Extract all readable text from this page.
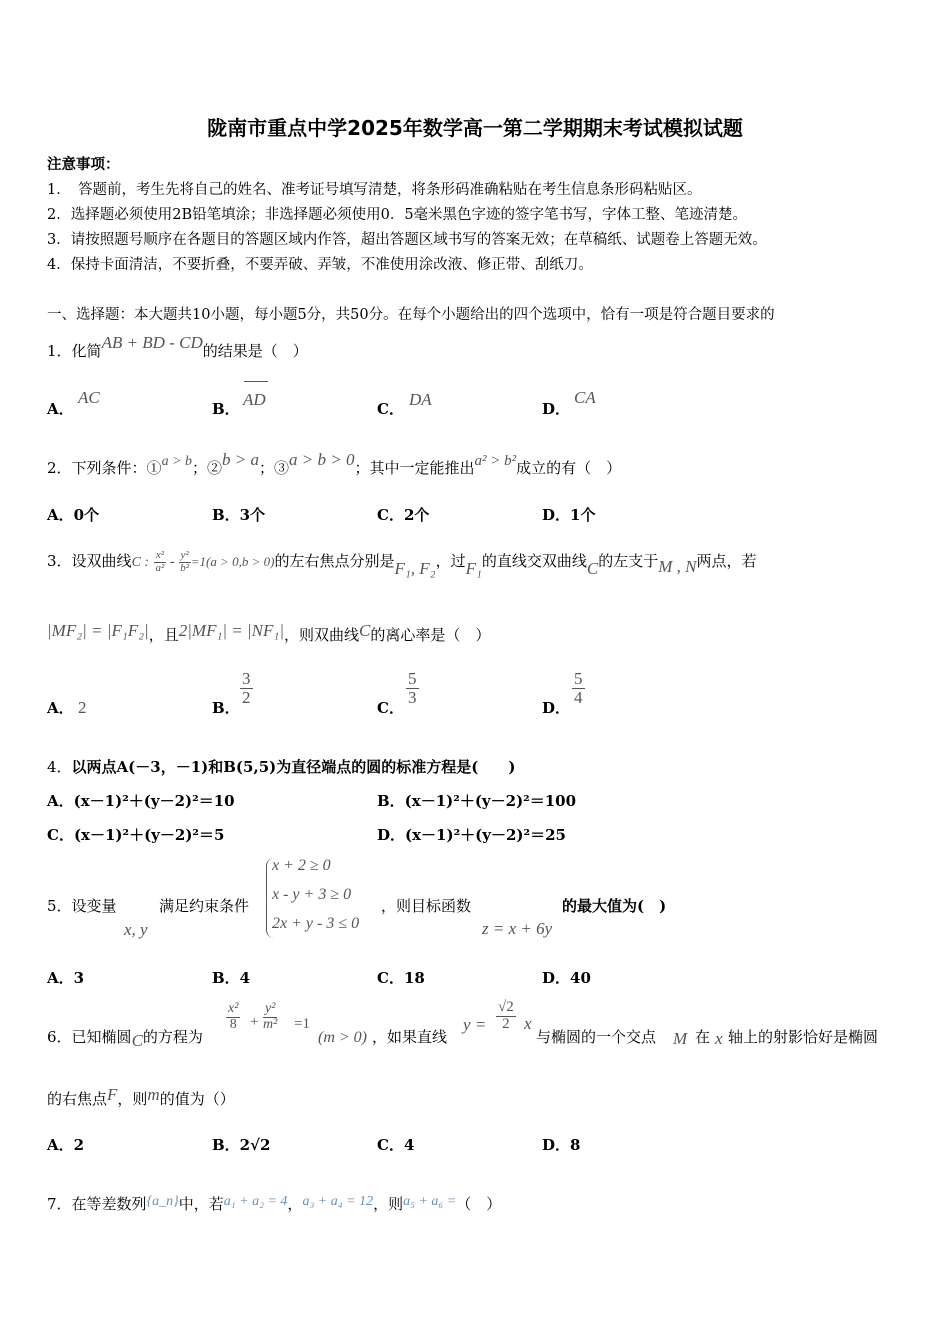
陇南市重点中学2025年数学高一第二学期期末考试模拟试题
注意事项：
1．　答题前，考生先将自己的姓名、准考证号填写清楚，将条形码准确粘贴在考生信息条形码粘贴区。
2．选择题必须使用2B铅笔填涂；非选择题必须使用0．5毫米黑色字迹的签字笔书写，字体工整、笔迹清楚。
3．请按照题号顺序在各题目的答题区域内作答，超出答题区域书写的答案无效；在草稿纸、试题卷上答题无效。
4．保持卡面清洁，不要折叠，不要弄破、弄皱，不准使用涂改液、修正带、刮纸刀。
一、选择题：本大题共10小题，每小题5分，共50分。在每个小题给出的四个选项中，恰有一项是符合题目要求的
1．化简AB + BD - CD的结果是（　）
A．
AC
B． AD	C． DA	D．
CA
2．下列条件：①a > b；②b > a；③a > b > 0；其中一定能推出a² > b²成立的有（　）
A．0个	B．3个	C．2个	D．1个
3．设双曲线C : $\frac{\text{x²}}{\text{a²}} - \frac{\text{y²}}{\text{b²}} =1(a > 0,b > 0)$的左右焦点分别是F₁, F₂，过F₁的直线交双曲线C的左支于M , N两点，若
|MF₂| = |F₁F₂|，且2|MF₁| = |NF₁|，则双曲线C的离心率是（　）
A． 2	B．
$\frac{3}{2}$
C．
$\frac{5}{3}$
D．
$\frac{5}{4}$
4．以两点A(－3，－1)和B(5,5)为直径端点的圆的标准方程是(　　)
A．(x－1)²＋(y－2)²＝10	B．(x－1)²＋(y－2)²＝100
C．(x－1)²＋(y－2)²＝5	D．(x－1)²＋(y－2)²＝25
5．设变量
x, y
满足约束条件
x + 2 ≥ 0
x - y + 3 ≥ 0
2x + y - 3 ≤ 0
，则目标函数
z = x + 6y
的最大值为(　)
A．3	B．4	C．18	D．40
6．已知椭圆C的方程为
$\frac{\text{x²}}{8} + \frac{\text{y²}}{\text{m²}} =1$
(m > 0) ，如果直线
$y = \frac{√2}{2}$ x
与椭圆的一个交点 M 在 x 轴上的射影恰好是椭圆
的右焦点F，则m的值为（）
A．2	B．2√2	C．4	D．8
7．在等差数列{a_n}中，若a₁ + a₂ = 4，a₃ + a₄ = 12，则a₅ + a₆ =（　）
